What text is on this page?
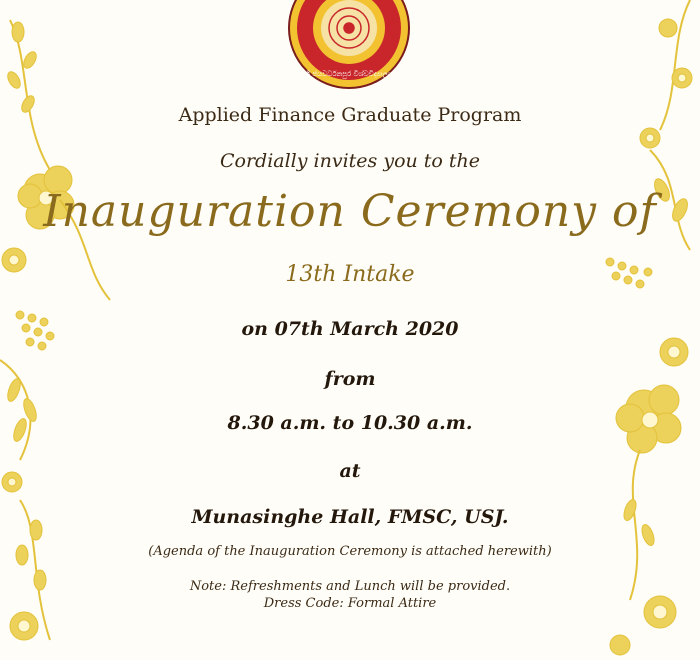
ශ්‍රී ජයවර්ධනපුර විශ්වවිද්‍යාලය
Applied Finance Graduate Program
Cordially invites you to the
Inauguration Ceremony of
13th Intake
on 07th March 2020
from
8.30 a.m. to 10.30 a.m.
at
Munasinghe Hall, FMSC, USJ.
(Agenda of the Inauguration Ceremony is attached herewith)
Note: Refreshments and Lunch will be provided.
Dress Code: Formal Attire
